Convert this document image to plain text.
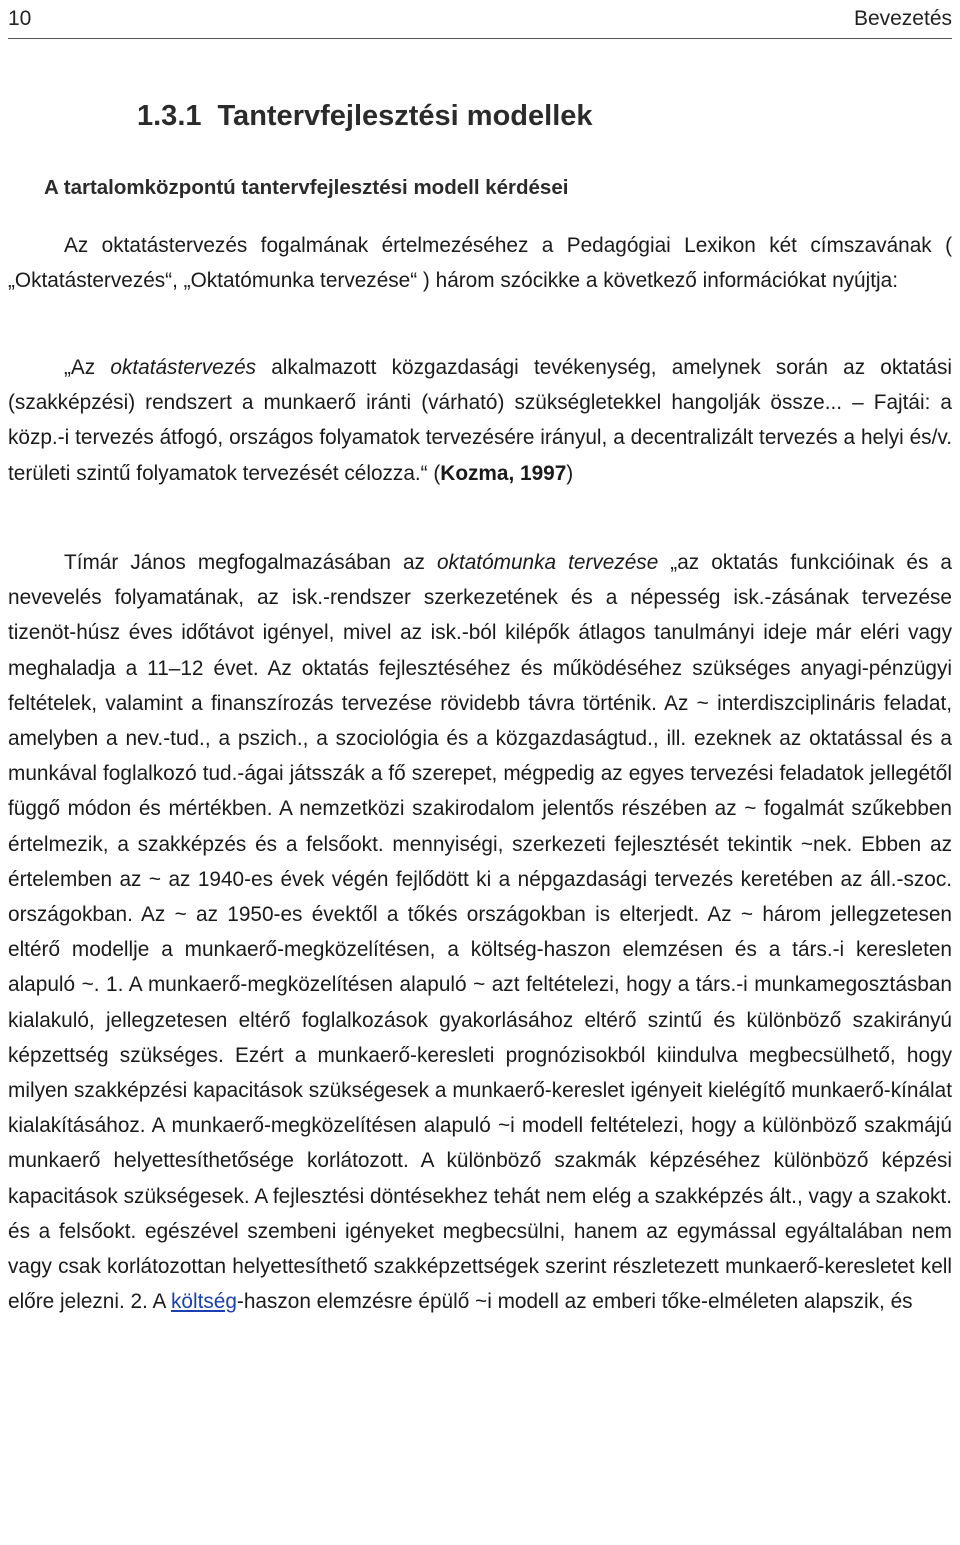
10	Bevezetés
1.3.1 Tantervfejlesztési modellek
A tartalomközpontú tantervfejlesztési modell kérdései

Az oktatástervezés fogalmának értelmezéséhez a Pedagógiai Lexikon két címszavának ( „Oktatástervezés“, „Oktatómunka tervezése“ ) három szócikke a következő információkat nyújtja:

„Az oktatástervezés alkalmazott közgazdasági tevékenység, amelynek során az oktatási (szakképzési) rendszert a munkaerő iránti (várható) szükségletekkel hangolják össze... – Fajtái: a közp.-i tervezés átfogó, országos folyamatok tervezésére irányul, a decentralizált tervezés a helyi és/v. területi szintű folyamatok tervezését célozza.“ (Kozma, 1997)

Tímár János megfogalmazásában az oktatómunka tervezése „az oktatás funkcióinak és a nevevelés folyamatának, az isk.-rendszer szerkezetének és a népesség isk.-zásának tervezése tizenöt-húsz éves időtávot igényel, mivel az isk.-ból kilépők átlagos tanulmányi ideje már eléri vagy meghaladja a 11–12 évet. Az oktatás fejlesztéséhez és működéséhez szükséges anyagi-pénzügyi feltételek, valamint a finanszírozás tervezése rövidebb távra történik. Az ~ interdiszciplináris feladat, amelyben a nev.-tud., a pszich., a szociológia és a közgazdaságtud., ill. ezeknek az oktatással és a munkával foglalkozó tud.-ágai játsszák a fő szerepet, mégpedig az egyes tervezési feladatok jellegétől függő módon és mértékben. A nemzetközi szakirodalom jelentős részében az ~ fogalmát szűkebben értelmezik, a szakképzés és a felsőokt. mennyiségi, szerkezeti fejlesztését tekintik ~nek. Ebben az értelemben az ~ az 1940-es évek végén fejlődött ki a népgazdasági tervezés keretében az áll.-szoc. országokban. Az ~ az 1950-es évektől a tőkés országokban is elterjedt. Az ~ három jellegzetesen eltérő modellje a munkaerő-megközelítésen, a költség-haszon elemzésen és a társ.-i keresleten alapuló ~. 1. A munkaerő-megközelítésen alapuló ~ azt feltételezi, hogy a társ.-i munkamegosztásban kialakuló, jellegzetesen eltérő foglalkozások gyakorlásához eltérő szintű és különböző szakirányú képzettség szükséges. Ezért a munkaerő-keresleti prognózisokból kiindulva megbecsülhető, hogy milyen szakképzési kapacitások szükségesek a munkaerő-kereslet igényeit kielégítő munkaerő-kínálat kialakításához. A munkaerő-megközelítésen alapuló ~i modell feltételezi, hogy a különböző szakmájú munkaerő helyettesíthetősége korlátozott. A különböző szakmák képzéséhez különböző képzési kapacitások szükségesek. A fejlesztési döntésekhez tehát nem elég a szakképzés ált., vagy a szakokt. és a felsőokt. egészével szembeni igényeket megbecsülni, hanem az egymással egyáltalában nem vagy csak korlátozottan helyettesíthető szakképzettségek szerint részletezett munkaerő-keresletet kell előre jelezni. 2. A költség-haszon elemzésre épülő ~i modell az emberi tőke-elméleten alapszik, és
